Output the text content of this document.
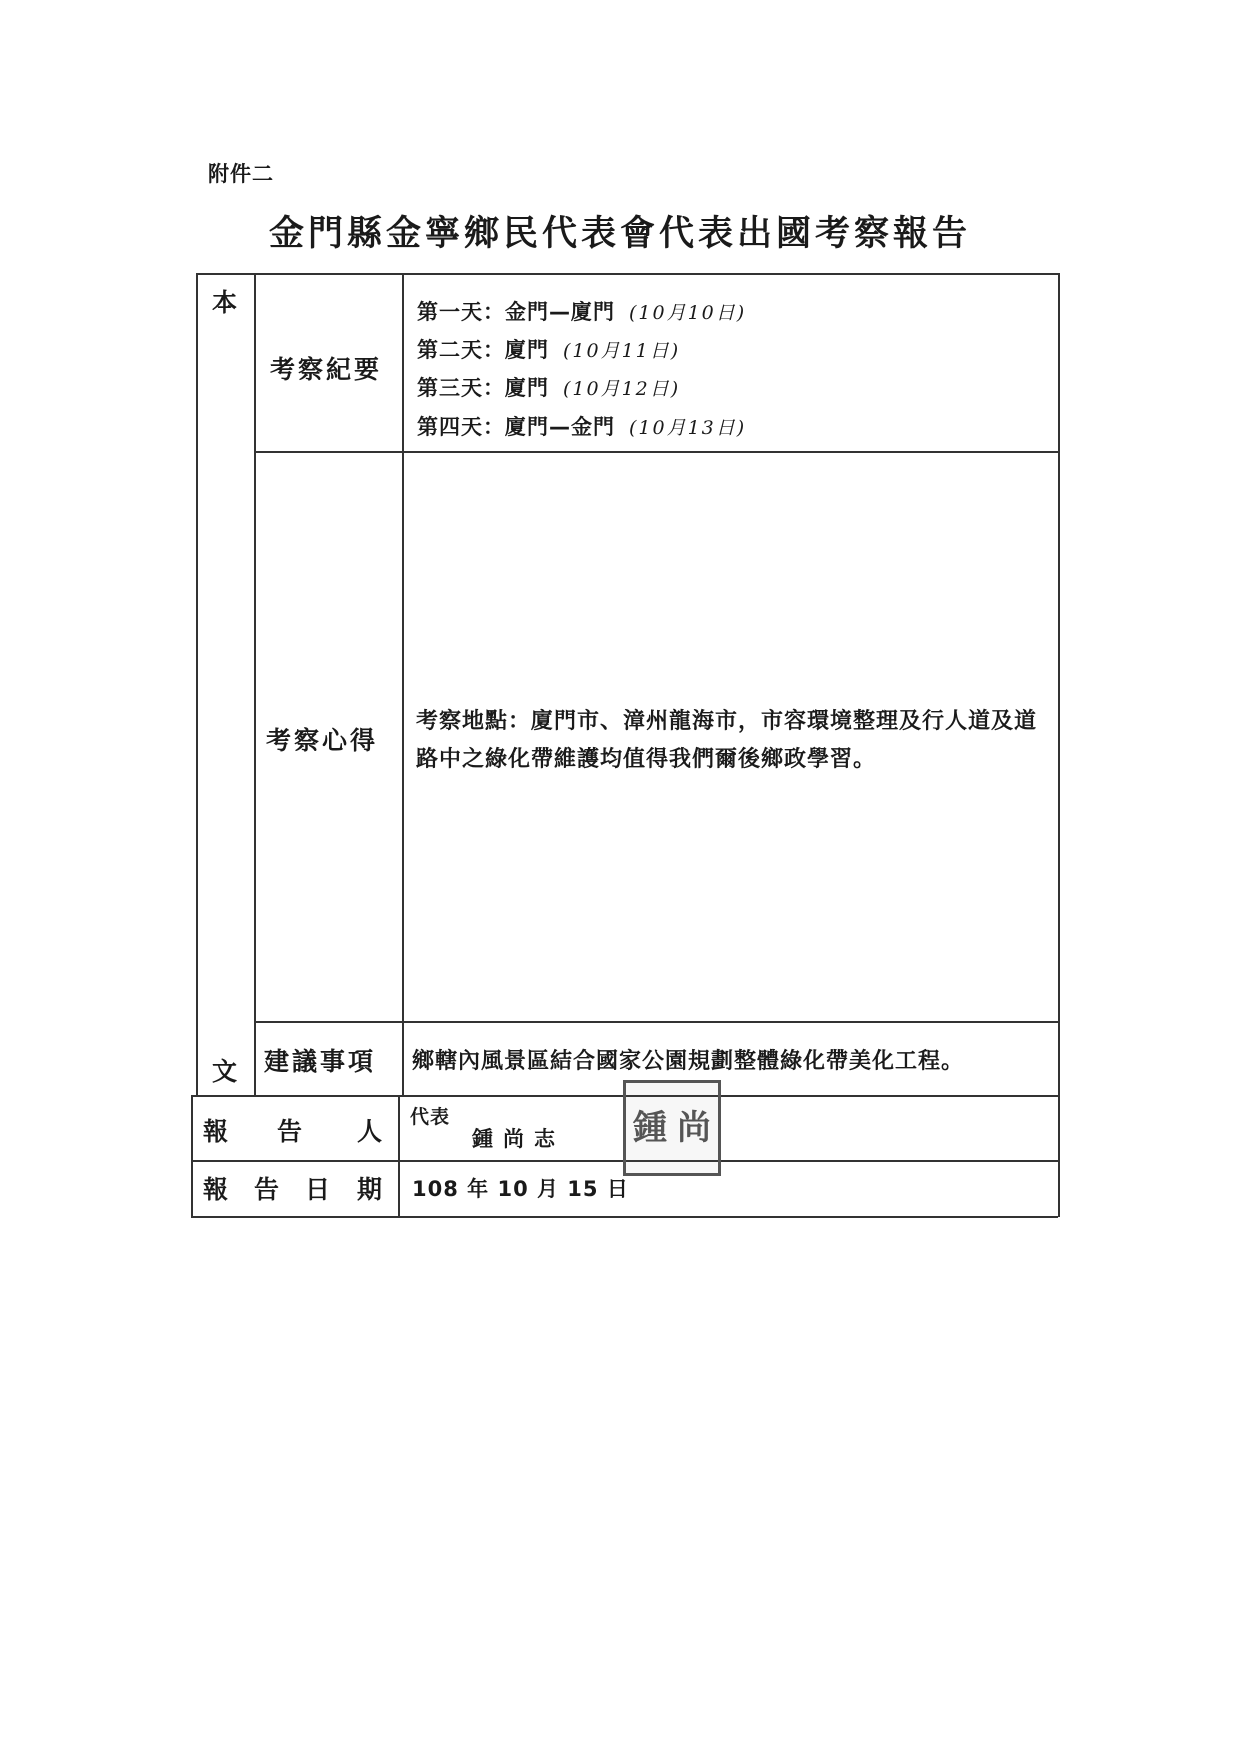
附件二
金門縣金寧鄉民代表會代表出國考察報告
本
文
考察紀要
第一天：金門—廈門 (10月10日)
第二天：廈門 (10月11日)
第三天：廈門 (10月12日)
第四天：廈門—金門 (10月13日)
考察心得
考察地點：廈門市、漳州龍海市，市容環境整理及行人道及道路中之綠化帶維護均值得我們爾後鄉政學習。
建議事項 鄉轄內風景區結合國家公園規劃整體綠化帶美化工程。
報 告 人 代表
鍾尚志	鍾 尚
報 告 日 期 108 年 10 月 15 日
